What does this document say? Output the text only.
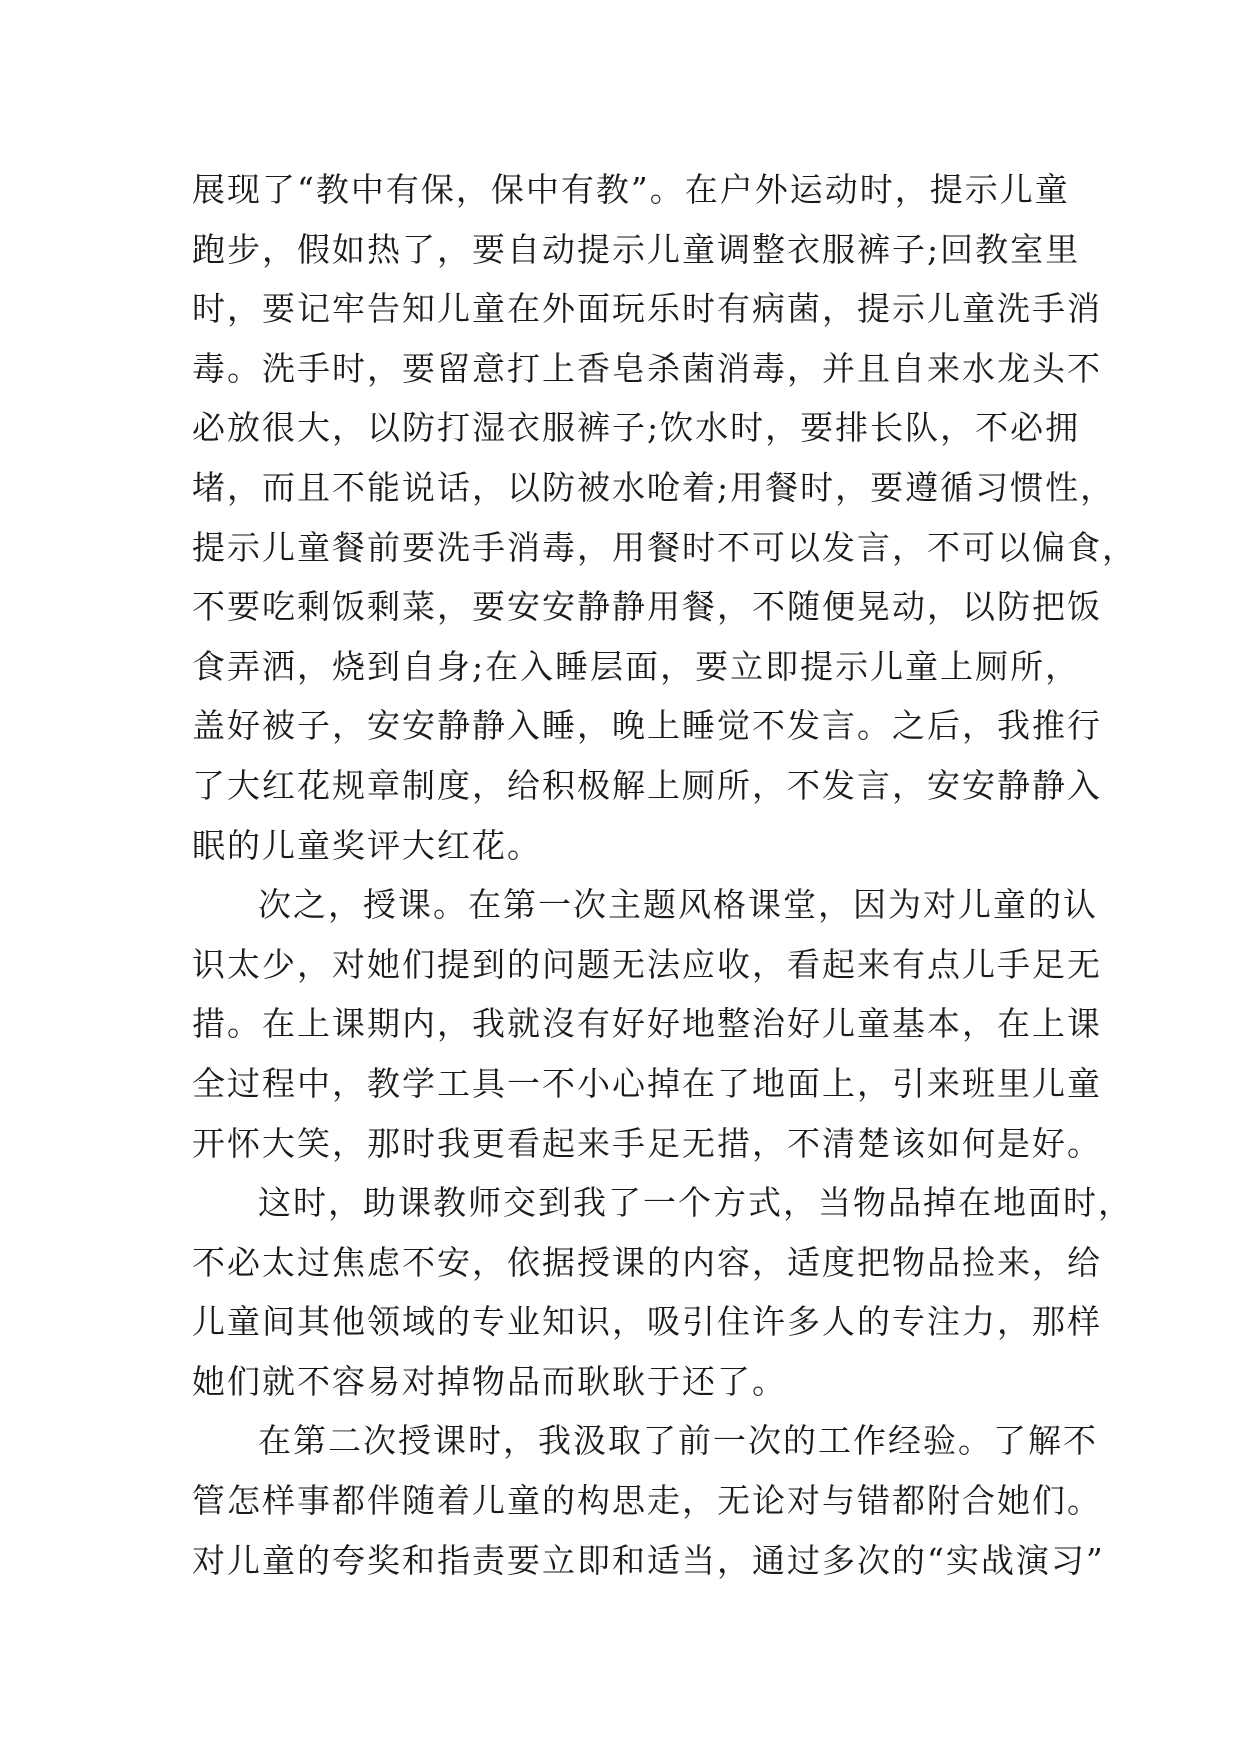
展现了“教中有保，保中有教”。在户外运动时，提示儿童
跑步，假如热了，要自动提示儿童调整衣服裤子;回教室里
时，要记牢告知儿童在外面玩乐时有病菌，提示儿童洗手消
毒。洗手时，要留意打上香皂杀菌消毒，并且自来水龙头不
必放很大，以防打湿衣服裤子;饮水时，要排长队，不必拥
堵，而且不能说话，以防被水呛着;用餐时，要遵循习惯性，
提示儿童餐前要洗手消毒，用餐时不可以发言，不可以偏食，
不要吃剩饭剩菜，要安安静静用餐，不随便晃动，以防把饭
食弄洒，烧到自身;在入睡层面，要立即提示儿童上厕所，
盖好被子，安安静静入睡，晚上睡觉不发言。之后，我推行
了大红花规章制度，给积极解上厕所，不发言，安安静静入
眠的儿童奖评大红花。
次之，授课。在第一次主题风格课堂，因为对儿童的认
识太少，对她们提到的问题无法应收，看起来有点儿手足无
措。在上课期内，我就沒有好好地整治好儿童基本，在上课
全过程中，教学工具一不小心掉在了地面上，引来班里儿童
开怀大笑，那时我更看起来手足无措，不清楚该如何是好。
这时，助课教师交到我了一个方式，当物品掉在地面时，
不必太过焦虑不安，依据授课的内容，适度把物品捡来，给
儿童间其他领域的专业知识，吸引住许多人的专注力，那样
她们就不容易对掉物品而耿耿于还了。
在第二次授课时，我汲取了前一次的工作经验。了解不
管怎样事都伴随着儿童的构思走，无论对与错都附合她们。
对儿童的夸奖和指责要立即和适当，通过多次的“实战演习”
